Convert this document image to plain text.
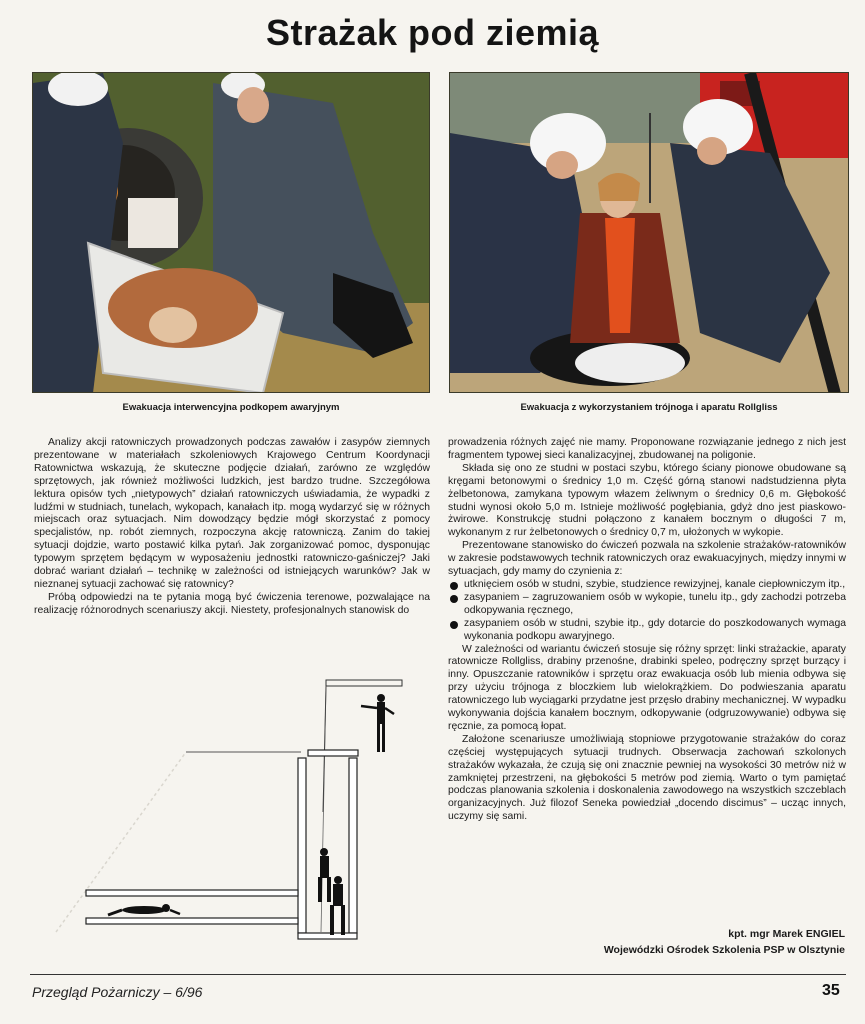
Strażak pod ziemią
Ewakuacja interwencyjna podkopem awaryjnym	Ewakuacja z wykorzystaniem trójnoga i aparatu Rollgliss

Analizy akcji ratowniczych prowadzonych podczas zawałów i zasypów ziemnych prezentowane w materiałach szkoleniowych Krajowego Centrum Koordynacji Ratownictwa wskazują, że skuteczne podjęcie działań, zarówno ze względów sprzętowych, jak również możliwości ludzkich, jest bardzo trudne. Szczegółowa lektura opisów tych „nietypowych” działań ratowniczych uświadamia, że wypadki z ludźmi w studniach, tunelach, wykopach, kanałach itp. mogą wydarzyć się w różnych miejscach oraz sytuacjach. Nim dowodzący będzie mógł skorzystać z pomocy specjalistów, np. robót ziemnych, rozpoczyna akcję ratowniczą. Zanim do takiej sytuacji dojdzie, warto postawić kilka pytań. Jak zorganizować pomoc, dysponując typowym sprzętem będącym w wyposażeniu jednostki ratowniczo-gaśniczej? Jaki dobrać wariant działań – technikę w zależności od istniejących warunków? Jak w nieznanej sytuacji zachować się ratownicy?

Próbą odpowiedzi na te pytania mogą być ćwiczenia terenowe, pozwalające na realizację różnorodnych scenariuszy akcji. Niestety, profesjonalnych stanowisk do

prowadzenia różnych zajęć nie mamy. Proponowane rozwiązanie jednego z nich jest fragmentem typowej sieci kanalizacyjnej, zbudowanej na poligonie.

Składa się ono ze studni w postaci szybu, którego ściany pionowe obudowane są kręgami betonowymi o średnicy 1,0 m. Część górną stanowi nadstudzienna płyta żelbetonowa, zamykana typowym włazem żeliwnym o średnicy 0,6 m. Głębokość studni wynosi około 5,0 m. Istnieje możliwość pogłębiania, gdyż dno jest piaskowo-żwirowe. Konstrukcję studni połączono z kanałem bocznym o długości 7 m, wykonanym z rur żelbetonowych o średnicy 0,7 m, ułożonych w wykopie.

Prezentowane stanowisko do ćwiczeń pozwala na szkolenie strażaków-ratowników w zakresie podstawowych technik ratowniczych oraz ewakuacyjnych, między innymi w sytuacjach, gdy mamy do czynienia z:

utknięciem osób w studni, szybie, studzience rewizyjnej, kanale ciepłowniczym itp.,
zasypaniem – zagruzowaniem osób w wykopie, tunelu itp., gdy zachodzi potrzeba odkopywania ręcznego,
zasypaniem osób w studni, szybie itp., gdy dotarcie do poszkodowanych wymaga wykonania podkopu awaryjnego.

W zależności od wariantu ćwiczeń stosuje się różny sprzęt: linki strażackie, aparaty ratownicze Rollgliss, drabiny przenośne, drabinki speleo, podręczny sprzęt burzący i inny. Opuszczanie ratowników i sprzętu oraz ewakuacja osób lub mienia odbywa się przy użyciu trójnoga z bloczkiem lub wielokrążkiem. Do podwieszania aparatu ratowniczego lub wyciągarki przydatne jest przęsło drabiny mechanicznej. W wypadku wykonywania dojścia kanałem bocznym, odkopywanie (odgruzowywanie) odbywa się ręcznie, za pomocą łopat.

Założone scenariusze umożliwiają stopniowe przygotowanie strażaków do coraz częściej występujących sytuacji trudnych. Obserwacja zachowań szkolonych strażaków wykazała, że czują się oni znacznie pewniej na wysokości 30 metrów niż w zamkniętej przestrzeni, na głębokości 5 metrów pod ziemią. Warto o tym pamiętać podczas planowania szkolenia i doskonalenia zawodowego na wszystkich szczeblach organizacyjnych. Już filozof Seneka powiedział „docendo discimus” – ucząc innych, uczymy się sami.

kpt. mgr Marek ENGIEL
Wojewódzki Ośrodek Szkolenia PSP w Olsztynie
Przegląd Pożarniczy – 6/96	35
